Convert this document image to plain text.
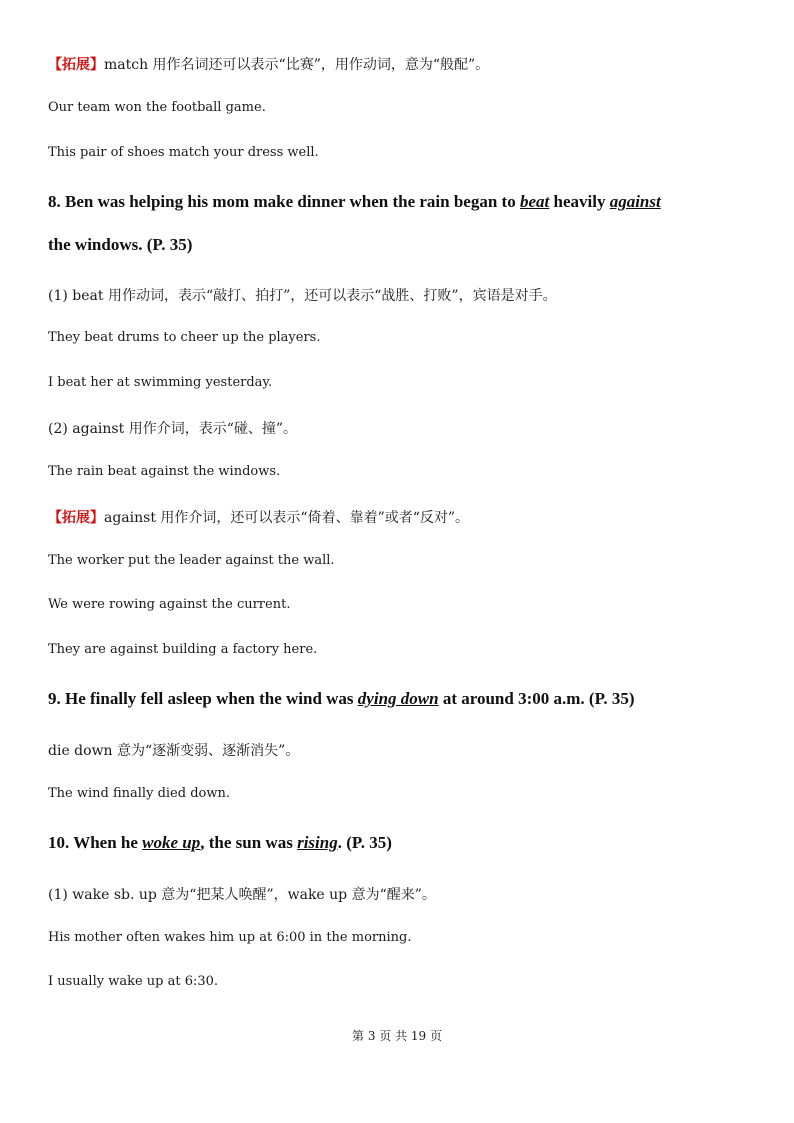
【拓展】match 用作名词还可以表示“比赛”，用作动词，意为“般配”。
Our team won the football game.
This pair of shoes match your dress well.
8. Ben was helping his mom make dinner when the rain began to beat heavily against
the windows. (P. 35)
(1) beat 用作动词，表示“敲打、拍打”，还可以表示“战胜、打败”，宾语是对手。
They beat drums to cheer up the players.
I beat her at swimming yesterday.
(2) against 用作介词，表示“碰、撞”。
The rain beat against the windows.
【拓展】against 用作介词，还可以表示“倚着、靠着”或者“反对”。
The worker put the leader against the wall.
We were rowing against the current.
They are against building a factory here.
9. He finally fell asleep when the wind was dying down at around 3:00 a.m. (P. 35)
die down 意为“逐渐变弱、逐渐消失”。
The wind finally died down.
10. When he woke up, the sun was rising. (P. 35)
(1) wake sb. up 意为“把某人唤醒”，wake up 意为“醒来”。
His mother often wakes him up at 6:00 in the morning.
I usually wake up at 6:30.
第 3 页 共 19 页
